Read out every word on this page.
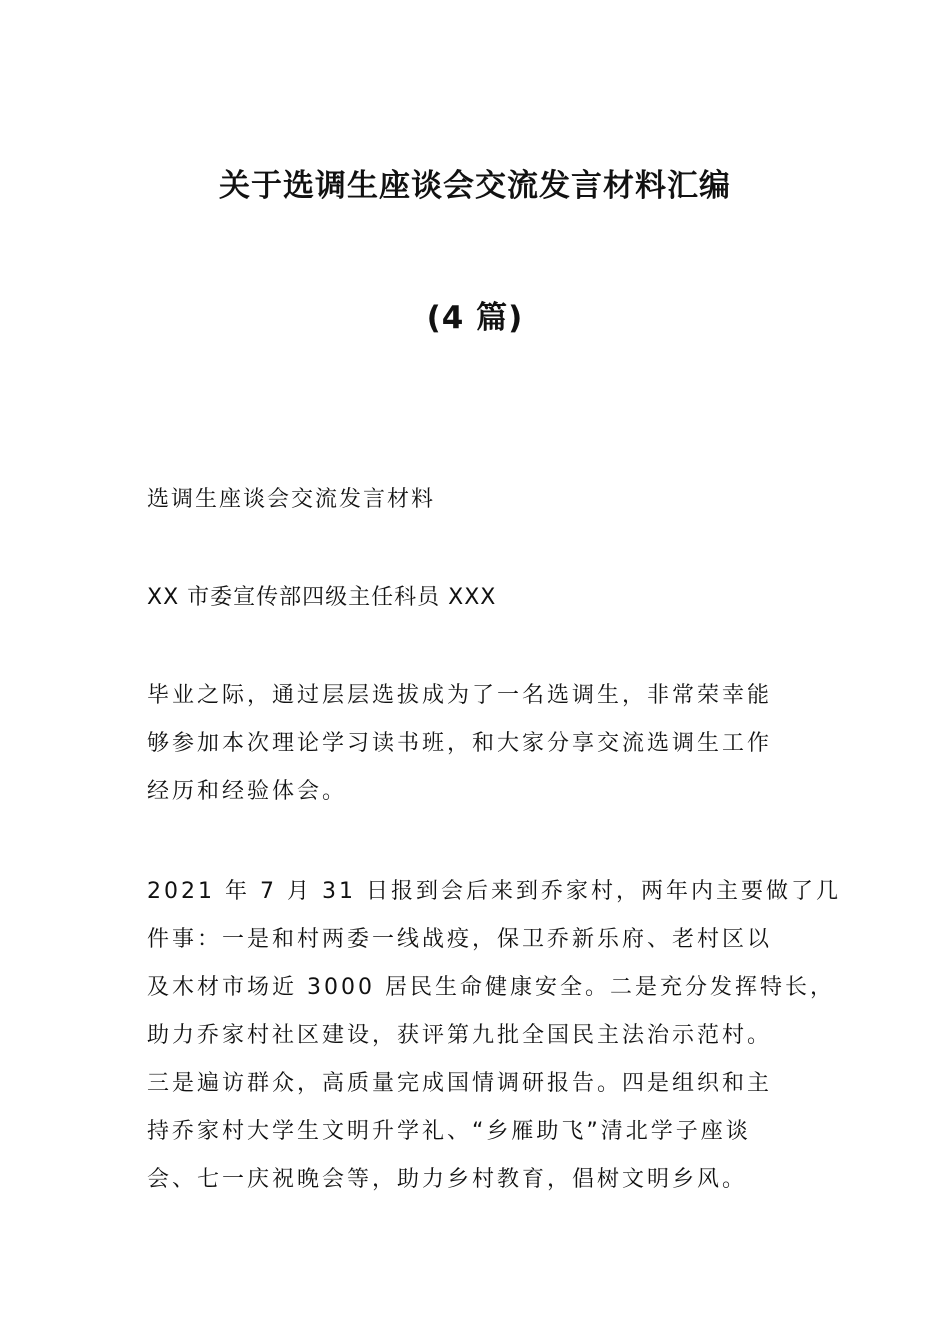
关于选调生座谈会交流发言材料汇编
(4 篇)
选调生座谈会交流发言材料
XX 市委宣传部四级主任科员 XXX
毕业之际，通过层层选拔成为了一名选调生，非常荣幸能
够参加本次理论学习读书班，和大家分享交流选调生工作
经历和经验体会。
2021 年 7 月 31 日报到会后来到乔家村，两年内主要做了几
件事：一是和村两委一线战疫，保卫乔新乐府、老村区以
及木材市场近 3000 居民生命健康安全。二是充分发挥特长，
助力乔家村社区建设，获评第九批全国民主法治示范村。
三是遍访群众，高质量完成国情调研报告。四是组织和主
持乔家村大学生文明升学礼、“乡雁助飞”清北学子座谈
会、七一庆祝晚会等，助力乡村教育，倡树文明乡风。
